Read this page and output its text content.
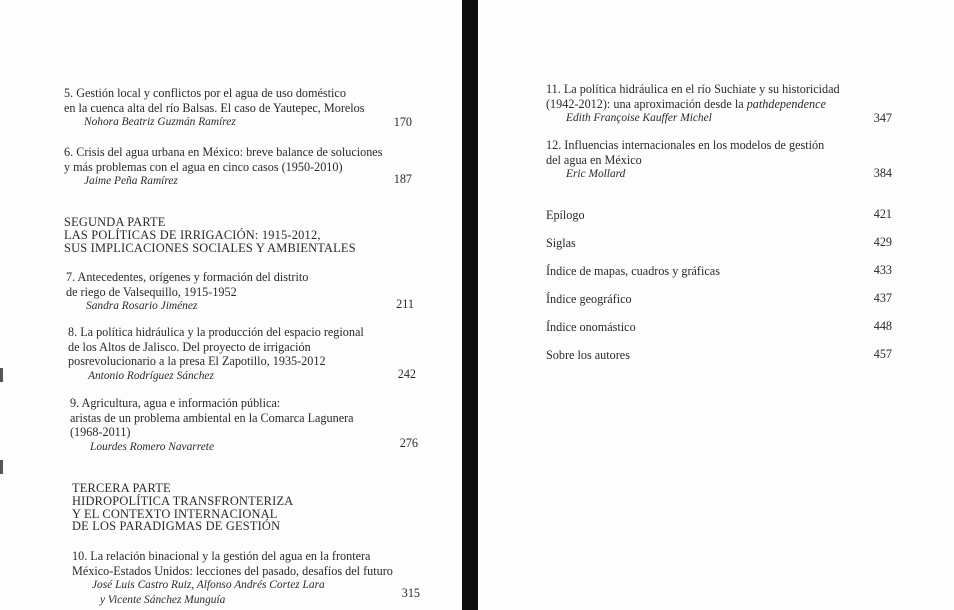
5. Gestión local y conflictos por el agua de uso doméstico
en la cuenca alta del río Balsas. El caso de Yautepec, Morelos
Nohora Beatriz Guzmán Ramírez	170
6. Crisis del agua urbana en México: breve balance de soluciones
y más problemas con el agua en cinco casos (1950-2010)
Jaime Peña Ramírez	187
SEGUNDA PARTE
LAS POLÍTICAS DE IRRIGACIÓN: 1915-2012,
SUS IMPLICACIONES SOCIALES Y AMBIENTALES
7. Antecedentes, orígenes y formación del distrito
de riego de Valsequillo, 1915-1952
Sandra Rosario Jiménez	211
8. La política hidráulica y la producción del espacio regional
de los Altos de Jalisco. Del proyecto de irrigación
posrevolucionario a la presa El Zapotillo, 1935-2012
Antonio Rodríguez Sánchez	242
9. Agricultura, agua e información pública:
aristas de un problema ambiental en la Comarca Lagunera
(1968-2011)
Lourdes Romero Navarrete	276
TERCERA PARTE
HIDROPOLÍTICA TRANSFRONTERIZA
Y EL CONTEXTO INTERNACIONAL
DE LOS PARADIGMAS DE GESTIÓN
10. La relación binacional y la gestión del agua en la frontera
México-Estados Unidos: lecciones del pasado, desafíos del futuro
José Luis Castro Ruiz, Alfonso Andrés Cortez Lara
y Vicente Sánchez Munguía	315
11. La política hidráulica en el río Suchiate y su historicidad
(1942-2012): una aproximación desde la pathdependence
Edith Françoise Kauffer Michel	347
12. Influencias internacionales en los modelos de gestión
del agua en México
Eric Mollard	384
Epílogo	421
Siglas	429
Índice de mapas, cuadros y gráficas	433
Índice geográfico	437
Índice onomástico	448
Sobre los autores	457
